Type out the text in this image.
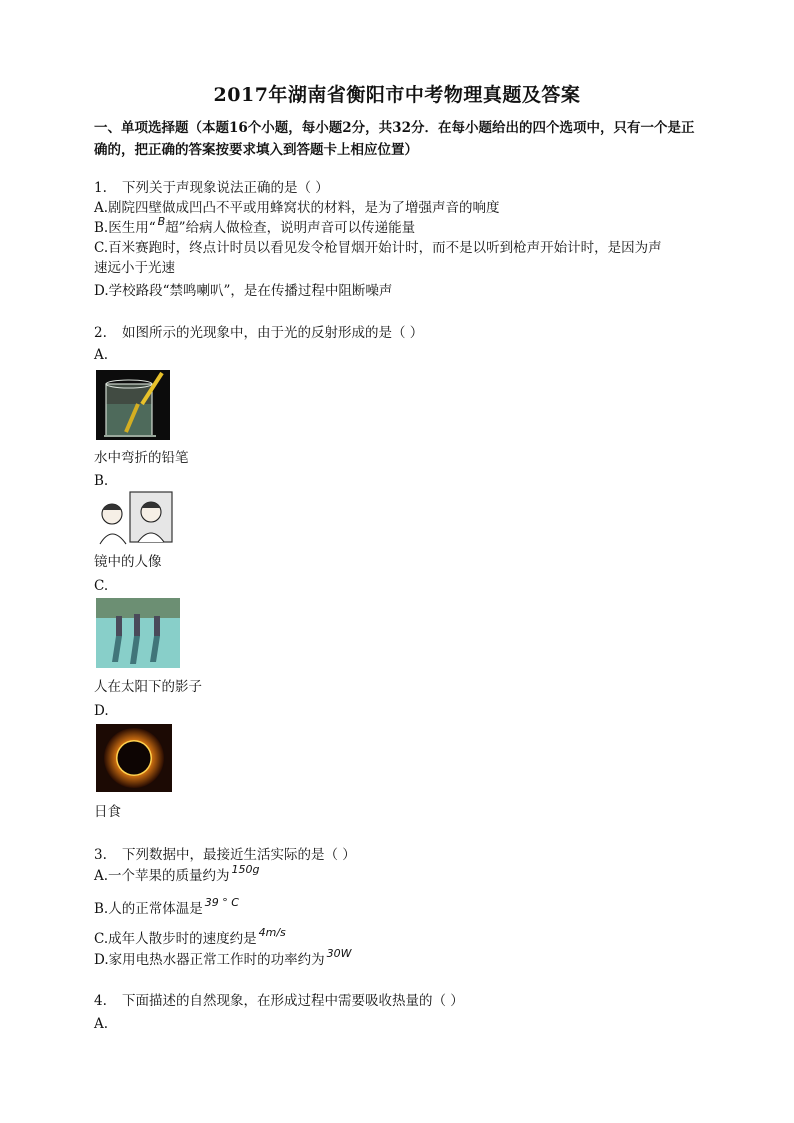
2017年湖南省衡阳市中考物理真题及答案
一、单项选择题（本题16个小题，每小题2分，共32分．在每小题给出的四个选项中，只有一个是正确的，把正确的答案按要求填入到答题卡上相应位置）
1. 下列关于声现象说法正确的是（ ）
A.剧院四壁做成凹凸不平或用蜂窝状的材料，是为了增强声音的响度
B.医生用“ $^B$超”给病人做检查，说明声音可以传递能量
C.百米赛跑时，终点计时员以看见发令枪冒烟开始计时，而不是以听到枪声开始计时，是因为声
速远小于光速
D.学校路段“禁鸣喇叭”，是在传播过程中阻断噪声
2. 如图所示的光现象中，由于光的反射形成的是（ ）
A.
水中弯折的铅笔
B.
镜中的人像
C.
人在太阳下的影子
D.
日食
3. 下列数据中，最接近生活实际的是（ ）
A.一个苹果的质量约为 $^{150g}$
B.人的正常体温是 $^{39 ^\circ C}$
C.成年人散步时的速度约是 $^{4m/s}$
D.家用电热水器正常工作时的功率约为 $^{30W}$
4. 下面描述的自然现象，在形成过程中需要吸收热量的（ ）
A.
